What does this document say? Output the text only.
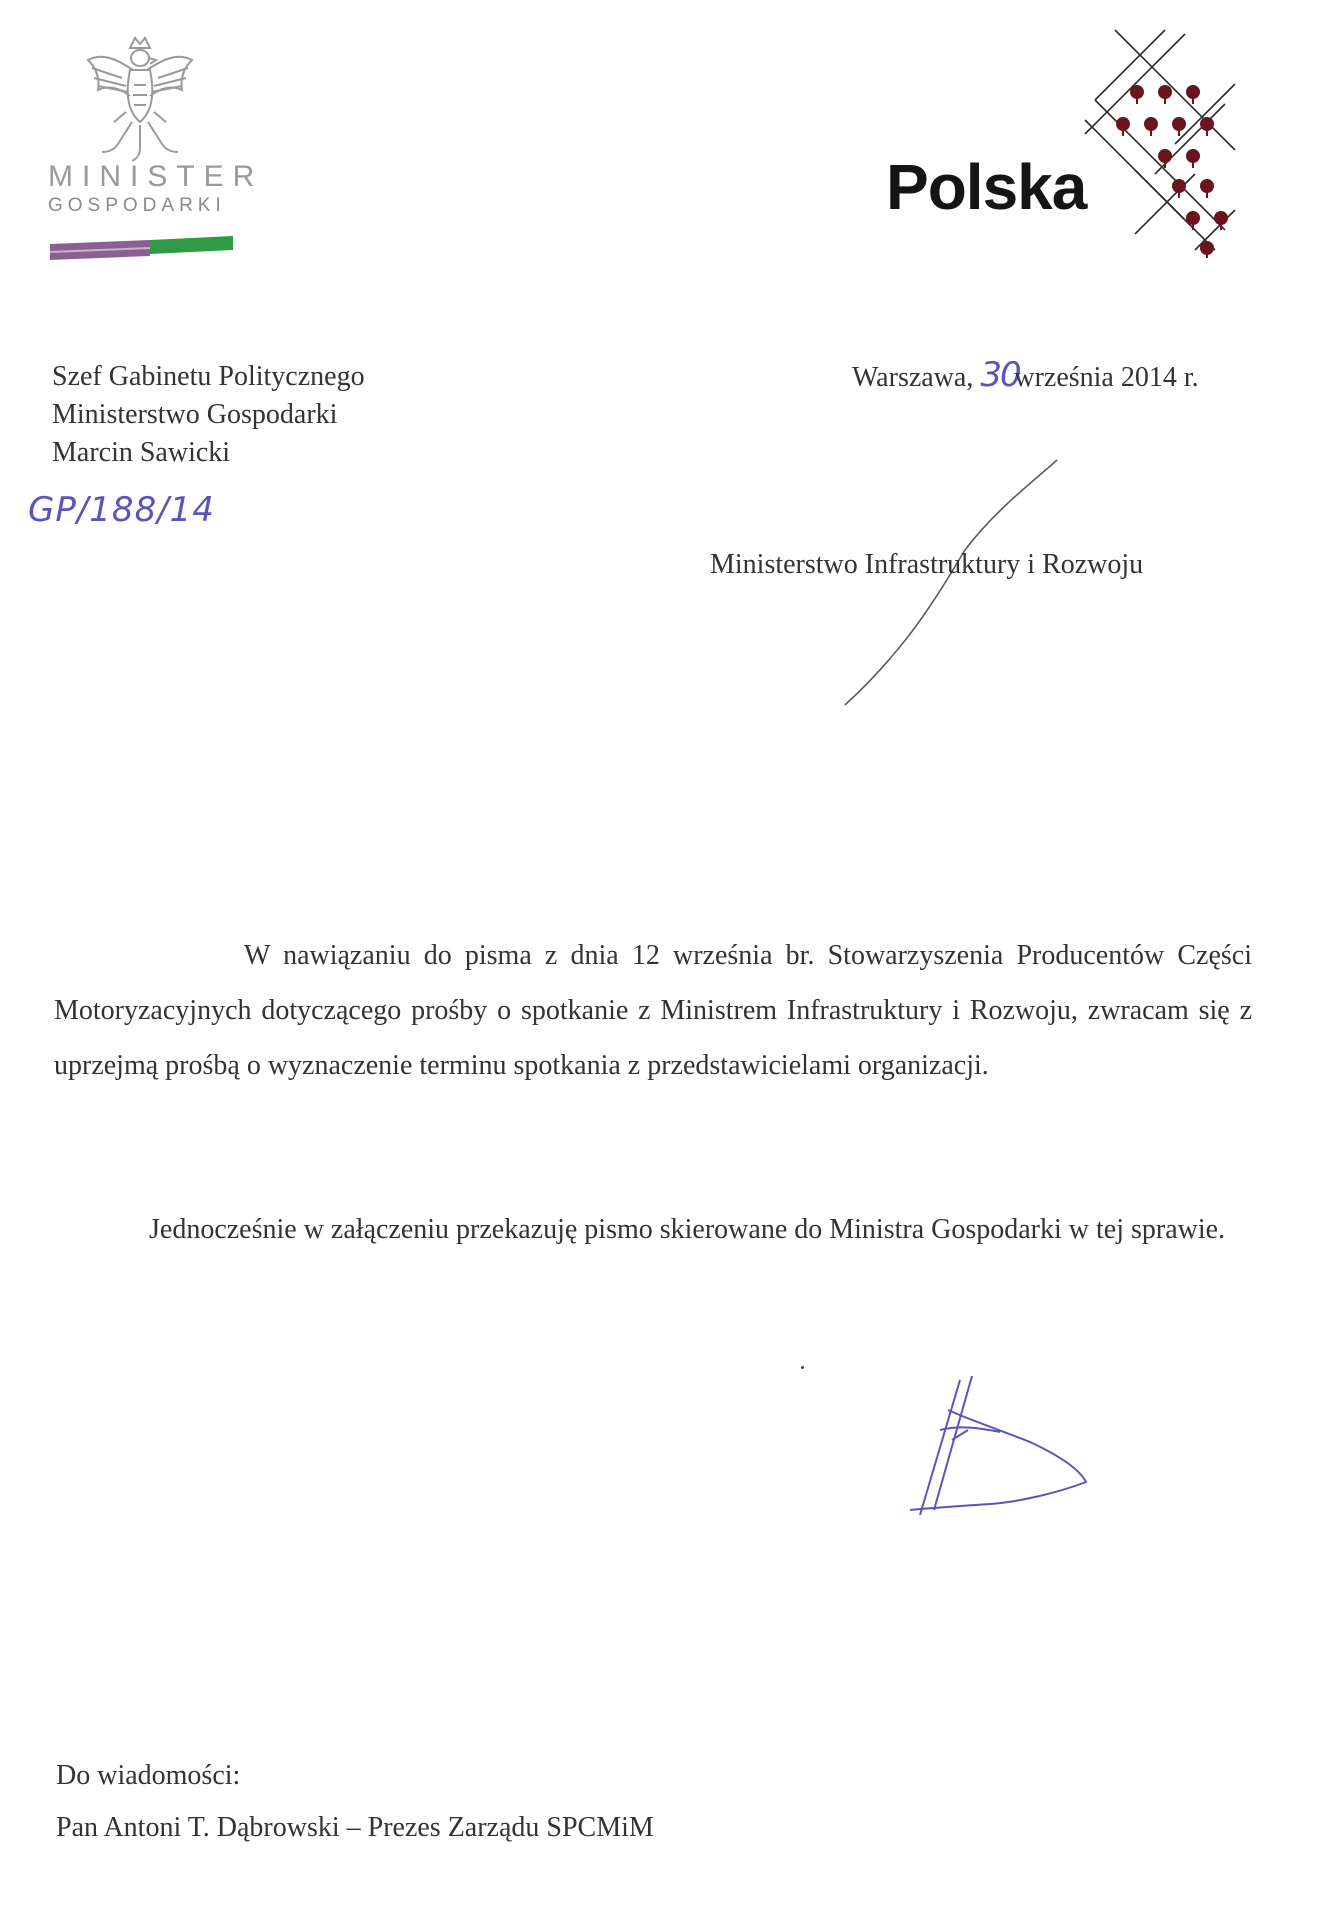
MINISTER
GOSPODARKI	Polska
Szef Gabinetu Politycznego
Ministerstwo Gospodarki
Marcin Sawicki
GP/188/14
Warszawa, 30września 2014 r.
Ministerstwo Infrastruktury i Rozwoju
W nawiązaniu do pisma z dnia 12 września br. Stowarzyszenia Producentów Części Motoryzacyjnych dotyczącego prośby o spotkanie z Ministrem Infrastruktury i Rozwoju, zwracam się z uprzejmą prośbą o wyznaczenie terminu spotkania z przedstawicielami organizacji.
Jednocześnie w załączeniu przekazuję pismo skierowane do Ministra Gospodarki w tej sprawie.
Do wiadomości:
Pan Antoni T. Dąbrowski – Prezes Zarządu SPCMiM
